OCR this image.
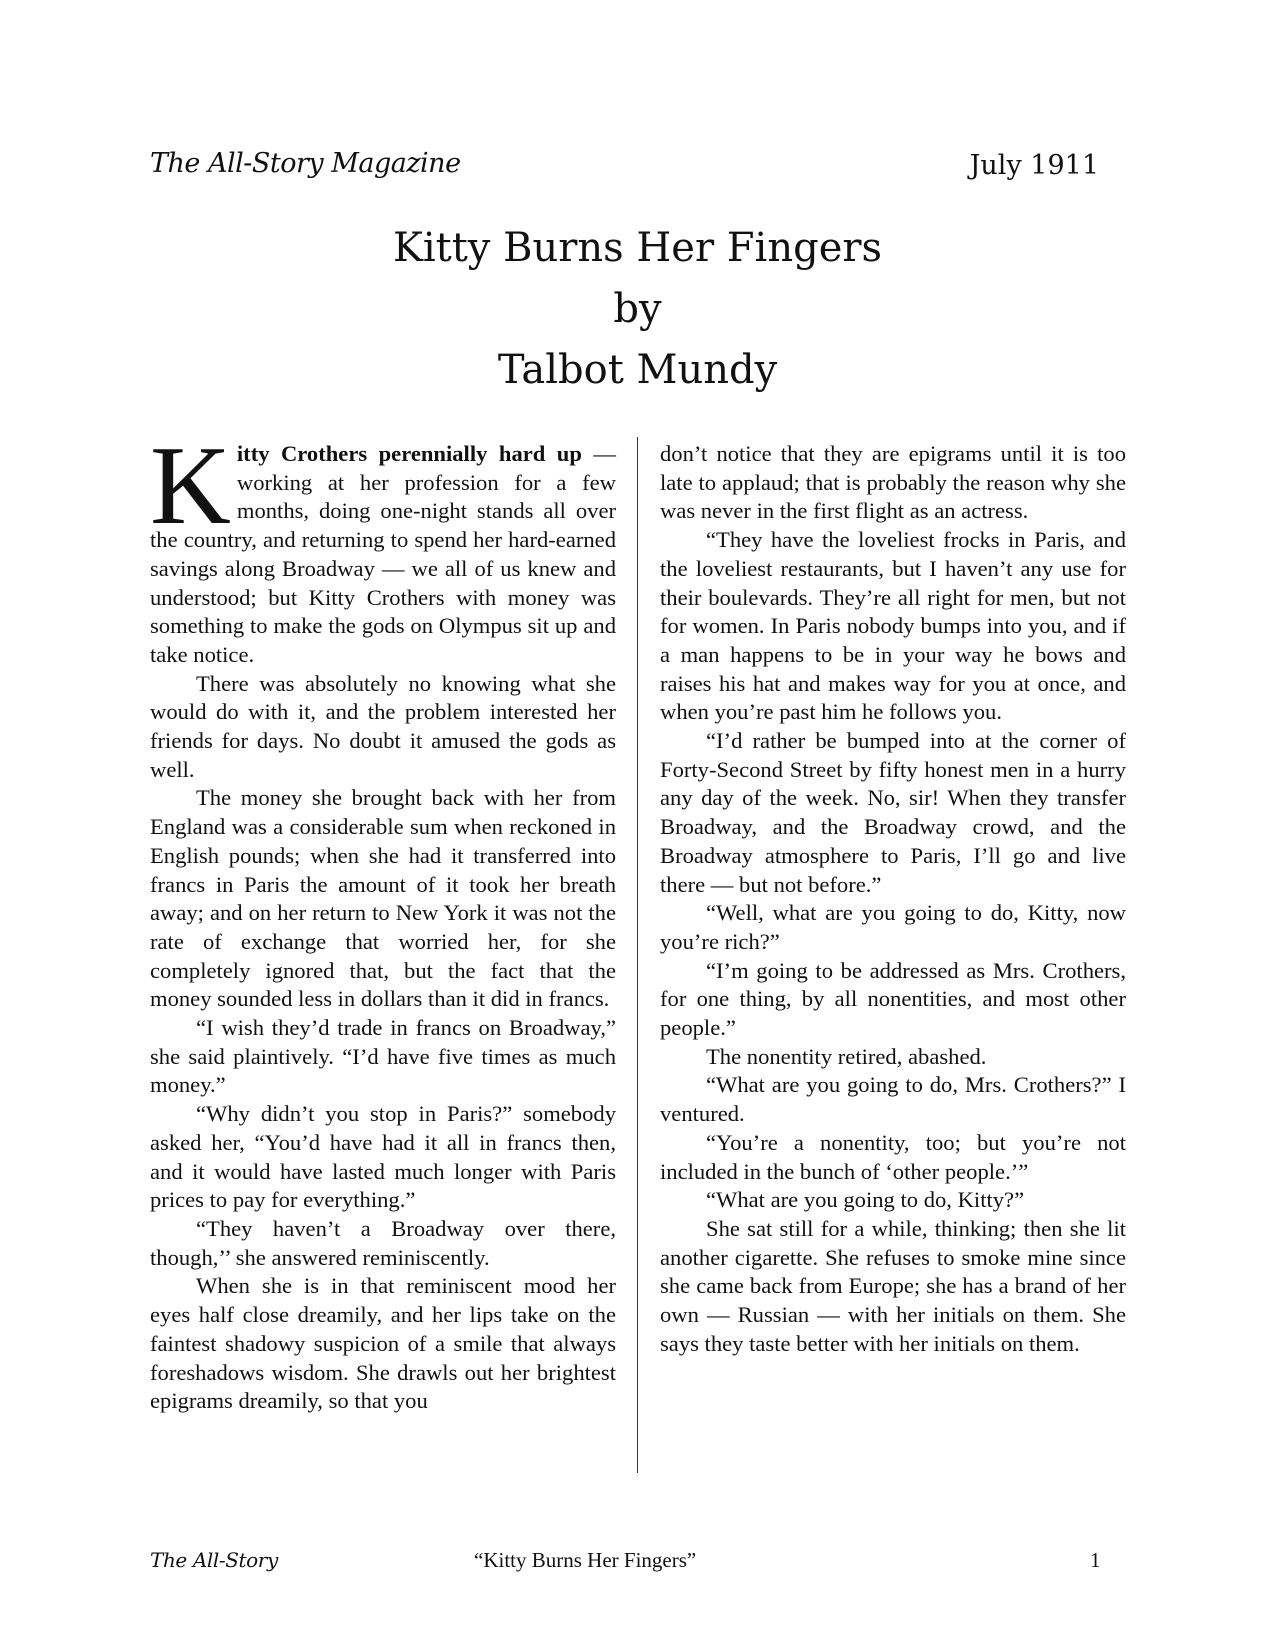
The All-Story Magazine	July 1911
Kitty Burns Her Fingers
by
Talbot Mundy

Kitty Crothers perennially hard up — working at her profession for a few months, doing one-night stands all over the country, and returning to spend her hard-earned savings along Broadway — we all of us knew and understood; but Kitty Crothers with money was something to make the gods on Olympus sit up and take notice.

There was absolutely no knowing what she would do with it, and the problem interested her friends for days. No doubt it amused the gods as well.

The money she brought back with her from England was a considerable sum when reckoned in English pounds; when she had it transferred into francs in Paris the amount of it took her breath away; and on her return to New York it was not the rate of exchange that worried her, for she completely ignored that, but the fact that the money sounded less in dollars than it did in francs.

“I wish they’d trade in francs on Broadway,” she said plaintively. “I’d have five times as much money.”

“Why didn’t you stop in Paris?” somebody asked her, “You’d have had it all in francs then, and it would have lasted much longer with Paris prices to pay for everything.”

“They haven’t a Broadway over there, though,’’ she answered reminiscently.

When she is in that reminiscent mood her eyes half close dreamily, and her lips take on the faintest shadowy suspicion of a smile that always foreshadows wisdom. She drawls out her brightest epigrams dreamily, so that you

don’t notice that they are epigrams until it is too late to applaud; that is probably the reason why she was never in the first flight as an actress.

“They have the loveliest frocks in Paris, and the loveliest restaurants, but I haven’t any use for their boulevards. They’re all right for men, but not for women. In Paris nobody bumps into you, and if a man happens to be in your way he bows and raises his hat and makes way for you at once, and when you’re past him he follows you.

“I’d rather be bumped into at the corner of Forty-Second Street by fifty honest men in a hurry any day of the week. No, sir! When they transfer Broadway, and the Broadway crowd, and the Broadway atmosphere to Paris, I’ll go and live there — but not before.”

“Well, what are you going to do, Kitty, now you’re rich?”

“I’m going to be addressed as Mrs. Crothers, for one thing, by all nonentities, and most other people.”

The nonentity retired, abashed.

“What are you going to do, Mrs. Crothers?” I ventured.

“You’re a nonentity, too; but you’re not included in the bunch of ‘other people.’”

“What are you going to do, Kitty?”

She sat still for a while, thinking; then she lit another cigarette. She refuses to smoke mine since she came back from Europe; she has a brand of her own — Russian — with her initials on them. She says they taste better with her initials on them.

The All-Story	“Kitty Burns Her Fingers”	1
